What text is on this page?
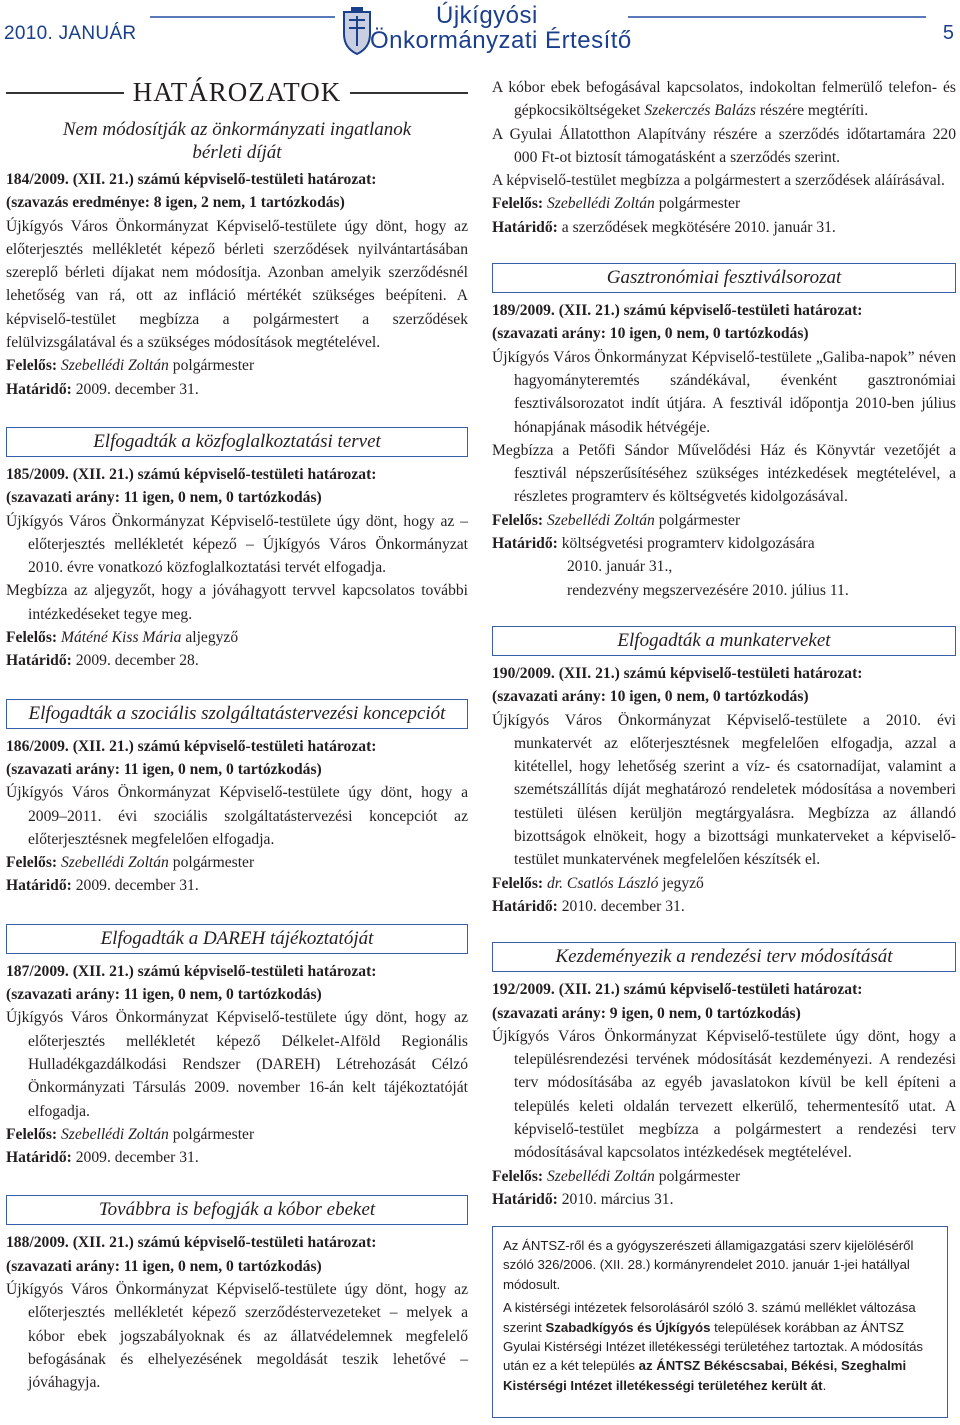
2010. JANUÁR
Újkígyósi
Önkormányzati Értesítő	5
HATÁROZATOK
Nem módosítják az önkormányzati ingatlanok bérleti díját

184/2009. (XII. 21.) számú képviselő-testületi határozat:

(szavazás eredménye: 8 igen, 2 nem, 1 tartózkodás)

Újkígyós Város Önkormányzat Képviselő-testülete úgy dönt, hogy az előterjesztés mellékletét képező bérleti szerződések nyilvántartásában szereplő bérleti díjakat nem módosítja. Azonban amelyik szerződésnél lehetőség van rá, ott az infláció mértékét szükséges beépíteni. A képviselő-testület megbízza a polgármestert a szerződések felülvizsgálatával és a szükséges módosítások megtételével.

Felelős: Szebellédi Zoltán polgármester

Határidő: 2009. december 31.

Elfogadták a közfoglalkoztatási tervet

185/2009. (XII. 21.) számú képviselő-testületi határozat:

(szavazati arány: 11 igen, 0 nem, 0 tartózkodás)

Újkígyós Város Önkormányzat Képviselő-testülete úgy dönt, hogy az – előterjesztés mellékletét képező – Újkígyós Város Önkormányzat 2010. évre vonatkozó közfoglalkoztatási tervét elfogadja.

Megbízza az aljegyzőt, hogy a jóváhagyott tervvel kapcsolatos további intézkedéseket tegye meg.

Felelős: Máténé Kiss Mária aljegyző

Határidő: 2009. december 28.

Elfogadták a szociális szolgáltatástervezési koncepciót

186/2009. (XII. 21.) számú képviselő-testületi határozat:

(szavazati arány: 11 igen, 0 nem, 0 tartózkodás)

Újkígyós Város Önkormányzat Képviselő-testülete úgy dönt, hogy a 2009–2011. évi szociális szolgáltatástervezési koncepciót az előterjesztésnek megfelelően elfogadja.

Felelős: Szebellédi Zoltán polgármester

Határidő: 2009. december 31.

Elfogadták a DAREH tájékoztatóját

187/2009. (XII. 21.) számú képviselő-testületi határozat:

(szavazati arány: 11 igen, 0 nem, 0 tartózkodás)

Újkígyós Város Önkormányzat Képviselő-testülete úgy dönt, hogy az előterjesztés mellékletét képező Délkelet-Alföld Regionális Hulladékgazdálkodási Rendszer (DAREH) Létrehozását Célzó Önkormányzati Társulás 2009. november 16-án kelt tájékoztatóját elfogadja.

Felelős: Szebellédi Zoltán polgármester

Határidő: 2009. december 31.

Továbbra is befogják a kóbor ebeket

188/2009. (XII. 21.) számú képviselő-testületi határozat:

(szavazati arány: 11 igen, 0 nem, 0 tartózkodás)

Újkígyós Város Önkormányzat Képviselő-testülete úgy dönt, hogy az előterjesztés mellékletét képező szerződéstervezeteket – melyek a kóbor ebek jogszabályoknak és az állatvédelemnek megfelelő befogásának és elhelyezésének megoldását teszik lehetővé – jóváhagyja.

A kóbor ebek befogásával kapcsolatos, indokoltan felmerülő telefon- és gépkocsiköltségeket Szekerczés Balázs részére megtéríti.

A Gyulai Állatotthon Alapítvány részére a szerződés időtartamára 220 000 Ft-ot biztosít támogatásként a szerződés szerint.

A képviselő-testület megbízza a polgármestert a szerződések aláírásával.

Felelős: Szebellédi Zoltán polgármester

Határidő: a szerződések megkötésére 2010. január 31.

Gasztronómiai fesztiválsorozat

189/2009. (XII. 21.) számú képviselő-testületi határozat:

(szavazati arány: 10 igen, 0 nem, 0 tartózkodás)

Újkígyós Város Önkormányzat Képviselő-testülete „Galiba-napok” néven hagyományteremtés szándékával, évenként gasztronómiai fesztiválsorozatot indít útjára. A fesztivál időpontja 2010-ben július hónapjának második hétvégéje.

Megbízza a Petőfi Sándor Művelődési Ház és Könyvtár vezetőjét a fesztivál népszerűsítéséhez szükséges intézkedések megtételével, a részletes programterv és költségvetés kidolgozásával.

Felelős: Szebellédi Zoltán polgármester

Határidő: költségvetési programterv kidolgozására

2010. január 31.,

rendezvény megszervezésére 2010. július 11.

Elfogadták a munkaterveket

190/2009. (XII. 21.) számú képviselő-testületi határozat:

(szavazati arány: 10 igen, 0 nem, 0 tartózkodás)

Újkígyós Város Önkormányzat Képviselő-testülete a 2010. évi munkatervét az előterjesztésnek megfelelően elfogadja, azzal a kitétellel, hogy lehetőség szerint a víz- és csatornadíjat, valamint a szemétszállítás díját meghatározó rendeletek módosítása a novemberi testületi ülésen kerüljön megtárgyalásra. Megbízza az állandó bizottságok elnökeit, hogy a bizottsági munkaterveket a képviselő-testület munkatervének megfelelően készítsék el.

Felelős: dr. Csatlós László jegyző

Határidő: 2010. december 31.

Kezdeményezik a rendezési terv módosítását

192/2009. (XII. 21.) számú képviselő-testületi határozat:

(szavazati arány: 9 igen, 0 nem, 0 tartózkodás)

Újkígyós Város Önkormányzat Képviselő-testülete úgy dönt, hogy a településrendezési tervének módosítását kezdeményezi. A rendezési terv módosításába az egyéb javaslatokon kívül be kell építeni a település keleti oldalán tervezett elkerülő, tehermentesítő utat. A képviselő-testület megbízza a polgármestert a rendezési terv módosításával kapcsolatos intézkedések megtételével.

Felelős: Szebellédi Zoltán polgármester

Határidő: 2010. március 31.

Az ÁNTSZ-ről és a gyógyszerészeti államigazgatási szerv kijelöléséről szóló 326/2006. (XII. 28.) kormányrendelet 2010. január 1-jei hatállyal módosult.

A kistérségi intézetek felsorolásáról szóló 3. számú melléklet változása szerint Szabadkígyós és Újkígyós települések korábban az ÁNTSZ Gyulai Kistérségi Intézet illetékességi területéhez tartoztak. A módosítás után ez a két település az ÁNTSZ Békéscsabai, Békési, Szeghalmi Kistérségi Intézet illetékességi területéhez került át.
